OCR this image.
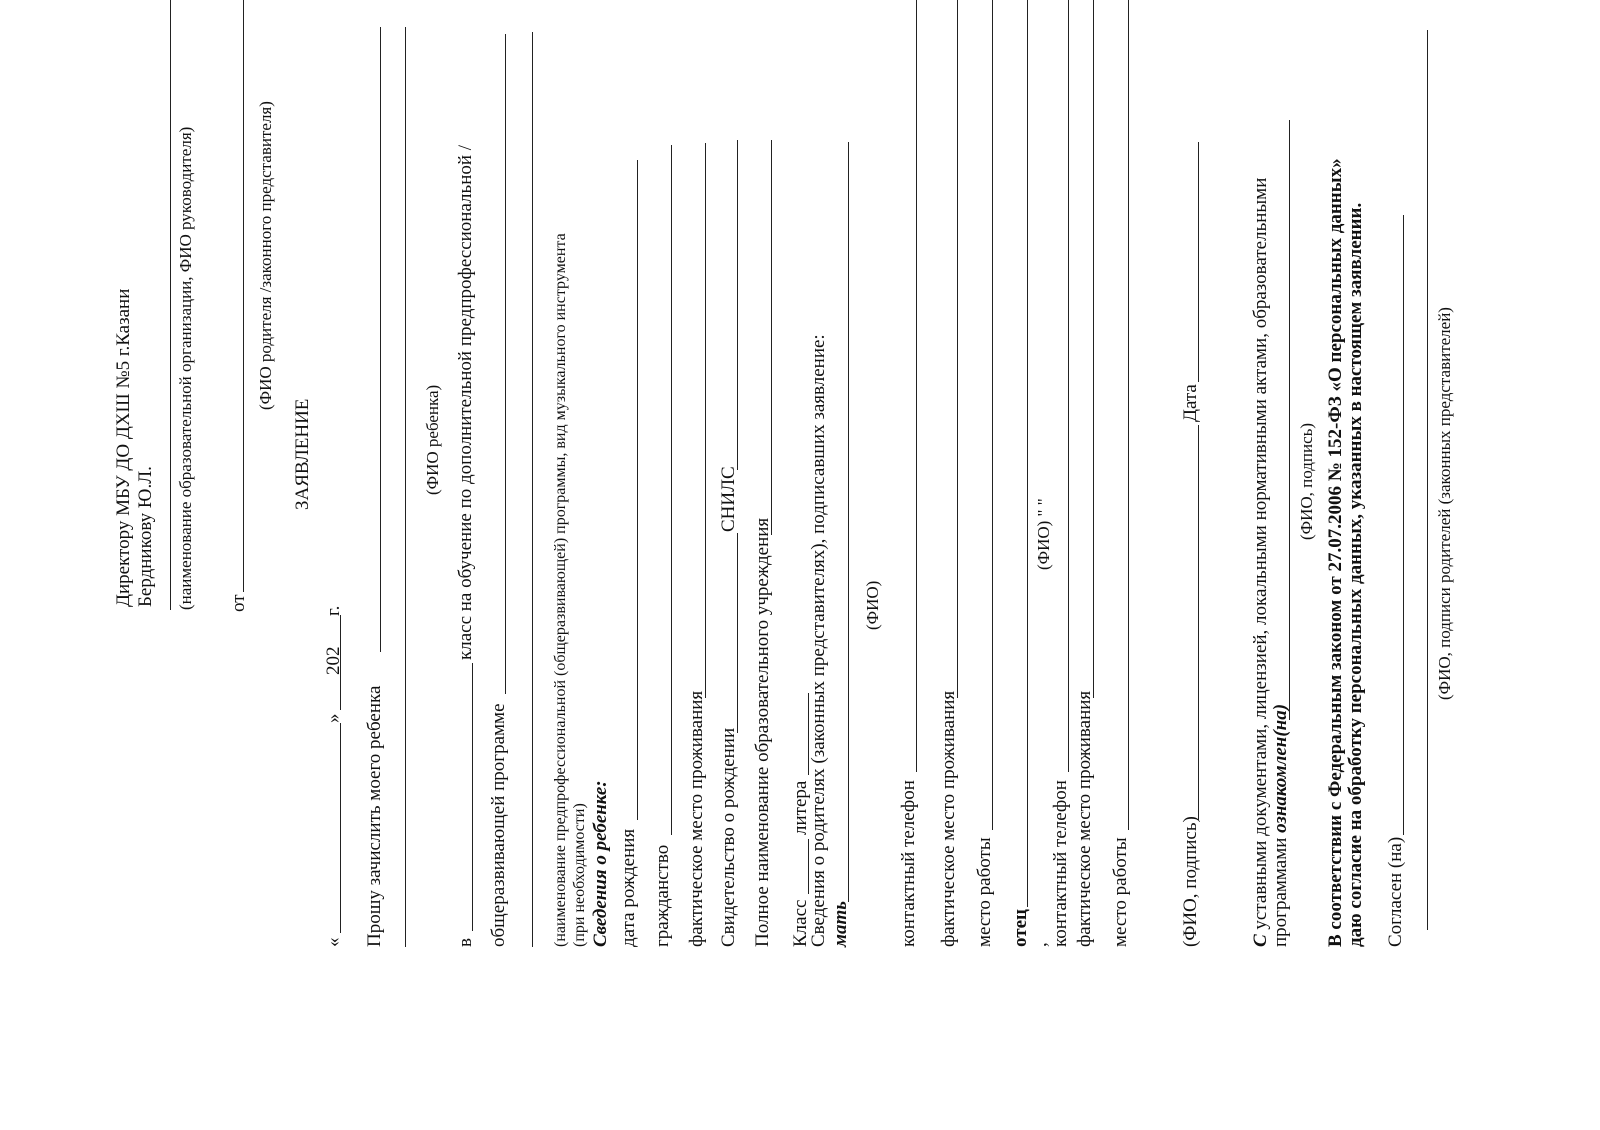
Директору МБУ ДО ДХШ №5 г.Казани Бердникову Ю.Л. (наименование образовательной организации, ФИО руководителя) от
(ФИО родителя /законного представителя)
ЗАЯВЛЕНИЕ
«
»
202
г.
Прошу зачислить моего ребенка
(ФИО ребенка)
в
класс на обучение по дополнительной предпрофессиональной /
общеразвивающей программе	(наименование предпрофессиональной (общеразвивающей) программы, вид музыкального инструмента (при необходимости) Сведения о ребенке: дата рождения гражданство фактическое место проживания Свидетельство о рождении
СНИЛС
Полное наименование образовательного учреждения Класс
литера
Сведения о родителях (законных представителях), подписавших заявление: мать
(ФИО)
контактный телефон фактическое место проживания место работы отец
(ФИО) " "
, контактный телефон фактическое место проживания место работы	(ФИО, подпись)
Дата
С уставными документами, лицензией, локальными нормативными актами, образовательными программами ознакомлен(на)
(ФИО, подпись) В соответствии с Федеральным законом от 27.07.2006 № 152-ФЗ «О персональных данных» даю согласие на обработку персональных данных, указанных в настоящем заявлении. Согласен (на)
(ФИО, подписи родителей (законных представителей)
